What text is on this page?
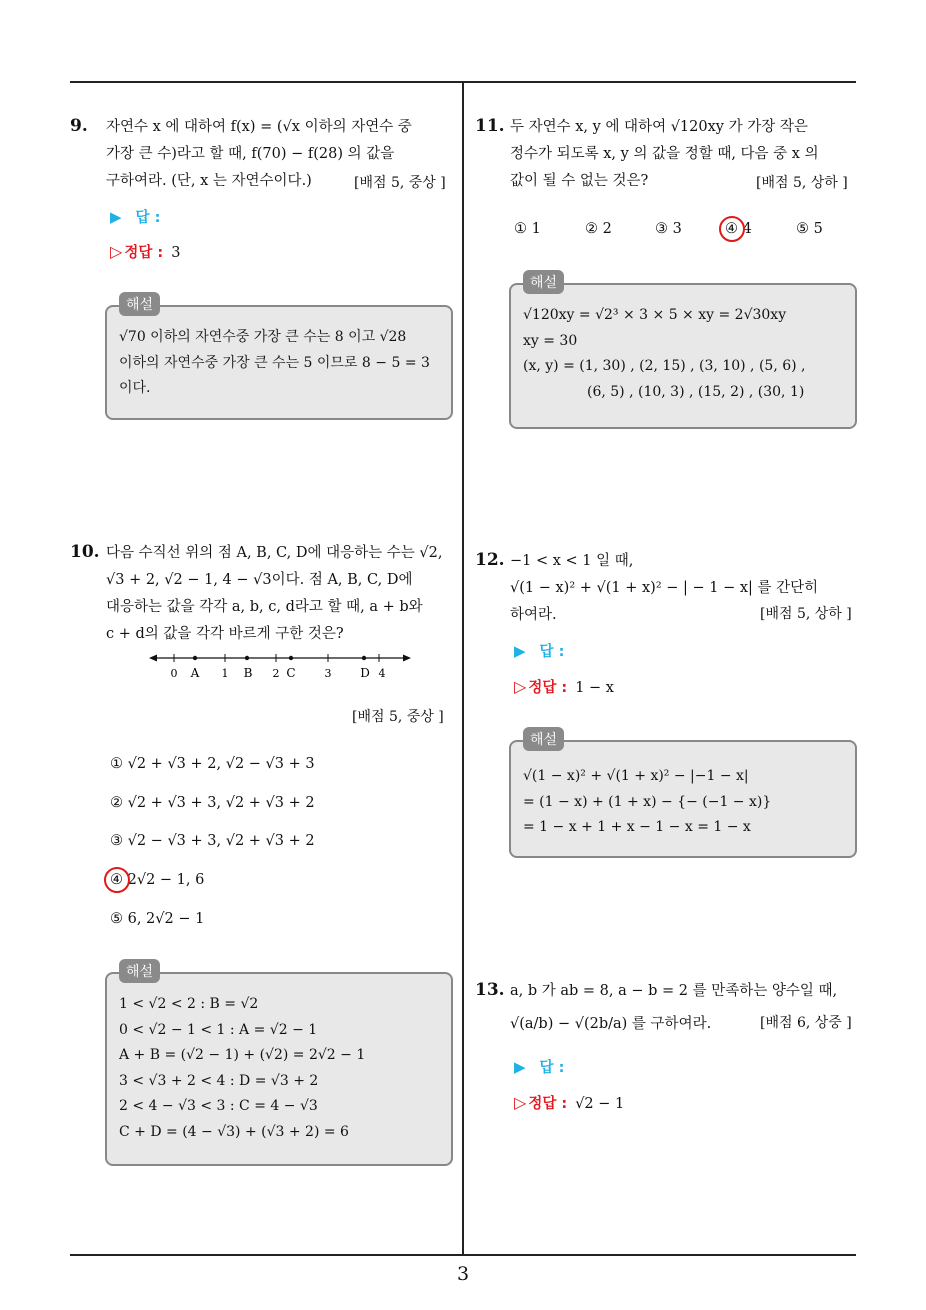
3
9. 자연수 x 에 대하여 f(x) = (√x 이하의 자연수 중

가장 큰 수)라고 할 때, f(70) − f(28) 의 값을

구하여라. (단, x 는 자연수이다.)	[배점 5, 중상 ]
▶ 답 :
▷ 정답 : 3

√70 이하의 자연수중 가장 큰 수는 8 이고 √28

이하의 자연수중 가장 큰 수는 5 이므로 8 − 5 = 3

이다.

해설
10. 다음 수직선 위의 점 A, B, C, D에 대응하는 수는 √2,

√3 + 2, √2 − 1, 4 − √3이다. 점 A, B, C, D에

대응하는 값을 각각 a, b, c, d라고 할 때, a + b와

c + d의 값을 각각 바르게 구한 것은?

0	1	2	3	4
A	B	C	D
[배점 5, 중상 ]
① √2 + √3 + 2, √2 − √3 + 3
② √2 + √3 + 3, √2 + √3 + 2
③ √2 − √3 + 3, √2 + √3 + 2
④ 2√2 − 1, 6
⑤ 6, 2√2 − 1

1 < √2 < 2 : B = √2

0 < √2 − 1 < 1 : A = √2 − 1

A + B = (√2 − 1) + (√2) = 2√2 − 1

3 < √3 + 2 < 4 : D = √3 + 2

2 < 4 − √3 < 3 : C = 4 − √3

C + D = (4 − √3) + (√3 + 2) = 6

해설
11. 두 자연수 x, y 에 대하여 √120xy 가 가장 작은

정수가 되도록 x, y 의 값을 정할 때, 다음 중 x 의

값이 될 수 없는 것은?	[배점 5, 상하 ]
① 1	② 2	③ 3	④ 4	⑤ 5

√120xy = √2³ × 3 × 5 × xy = 2√30xy

xy = 30

(x, y) = (1, 30) , (2, 15) , (3, 10) , (5, 6) ,

(6, 5) , (10, 3) , (15, 2) , (30, 1)

해설
12. −1 < x < 1 일 때,

√(1 − x)² + √(1 + x)² − | − 1 − x| 를 간단히

하여라.	[배점 5, 상하 ]
▶ 답 :
▷ 정답 : 1 − x

√(1 − x)² + √(1 + x)² − |−1 − x|

= (1 − x) + (1 + x) − {− (−1 − x)}

= 1 − x + 1 + x − 1 − x = 1 − x

해설
13. a, b 가 ab = 8, a − b = 2 를 만족하는 양수일 때,

√(a/b) − √(2b/a) 를 구하여라.	[배점 6, 상중 ]
▶ 답 :
▷ 정답 : √2 − 1
